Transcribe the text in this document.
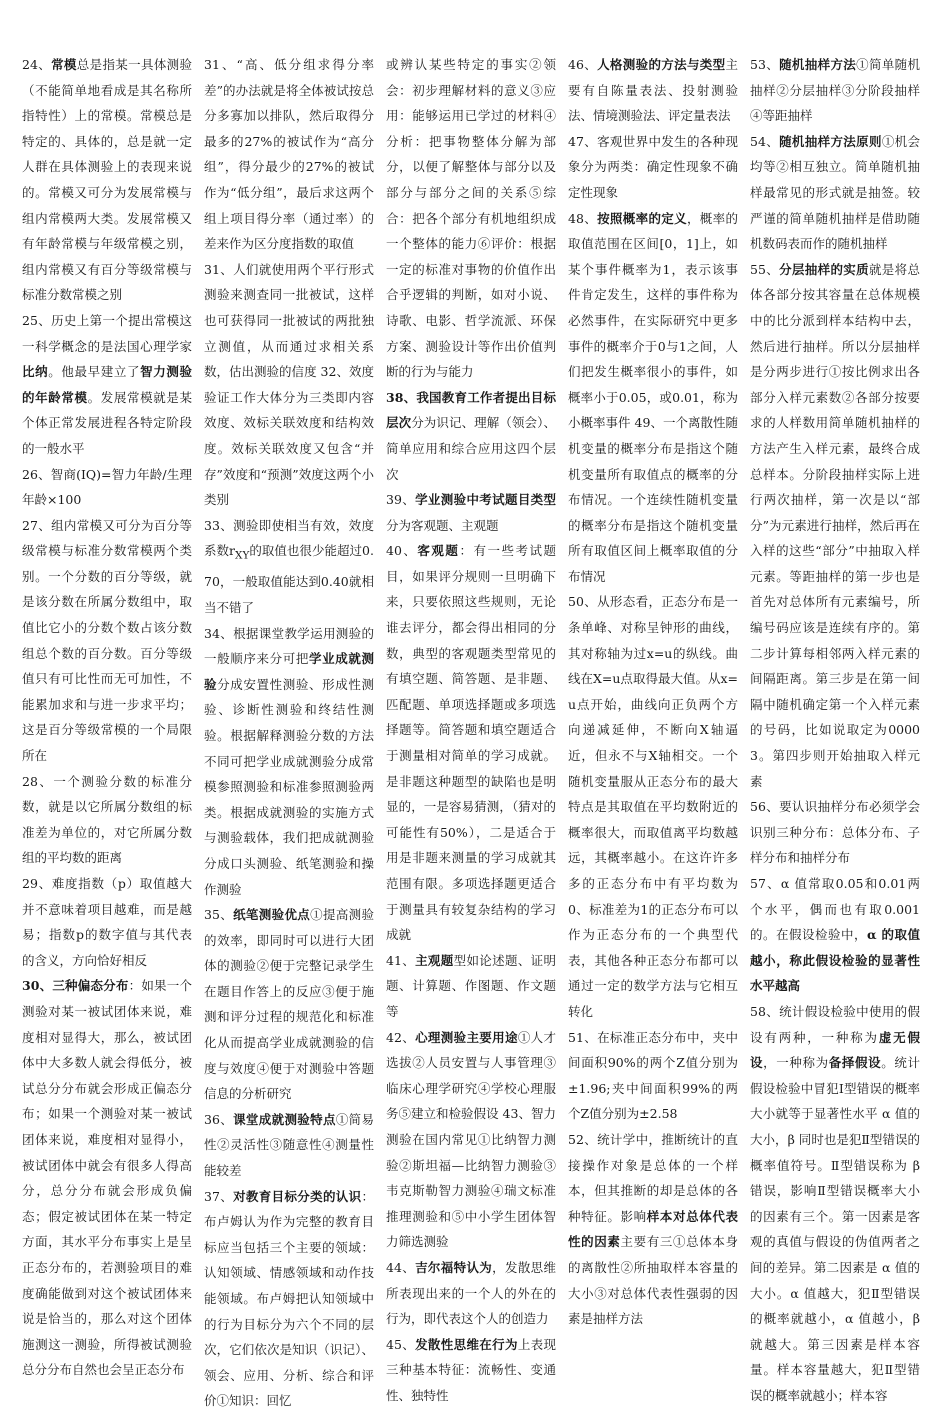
24、常模总是指某一具体测验（不能简单地看成是其名称所指特性）上的常模。常模总是特定的、具体的，总是就一定人群在具体测验上的表现来说的。常模又可分为发展常模与组内常模两大类。发展常模又有年龄常模与年级常模之别，组内常模又有百分等级常模与标准分数常模之别

25、历史上第一个提出常模这一科学概念的是法国心理学家比纳。他最早建立了智力测验的年龄常模。发展常模就是某个体正常发展进程各特定阶段的一般水平

26、智商(IQ)=智力年龄/生理年龄×100

27、组内常模又可分为百分等级常模与标准分数常模两个类别。一个分数的百分等级，就是该分数在所属分数组中，取值比它小的分数个数占该分数组总个数的百分数。百分等级值只有可比性而无可加性，不能累加求和与进一步求平均；这是百分等级常模的一个局限所在

28、一个测验分数的标准分数，就是以它所属分数组的标准差为单位的，对它所属分数组的平均数的距离

29、难度指数（p）取值越大并不意味着项目越难，而是越易；指数p的数字值与其代表的含义，方向恰好相反

30、三种偏态分布：如果一个测验对某一被试团体来说，难度相对显得大，那么，被试团体中大多数人就会得低分，被试总分分布就会形成正偏态分布；如果一个测验对某一被试团体来说，难度相对显得小，被试团体中就会有很多人得高分，总分分布就会形成负偏态；假定被试团体在某一特定方面，其水平分布事实上是呈正态分布的，若测验项目的难度确能做到对这个被试团体来说是恰当的，那么对这个团体施测这一测验，所得被试测验总分分布自然也会呈正态分布

31、“高、低分组求得分率差”的办法就是将全体被试按总分多寡加以排队，然后取得分最多的27%的被试作为“高分组”，得分最少的27%的被试作为“低分组”，最后求这两个组上项目得分率（通过率）的差来作为区分度指数的取值

31、人们就使用两个平行形式测验来测查同一批被试，这样也可获得同一批被试的两批独立测值，从而通过求相关系数，估出测验的信度 32、效度验证工作大体分为三类即内容效度、效标关联效度和结构效度。效标关联效度又包含“并存”效度和“预测”效度这两个小类别

33、测验即使相当有效，效度系数$r_{XY}$的取值也很少能超过0.70，一般取值能达到0.40就相当不错了

34、根据课堂教学运用测验的一般顺序来分可把学业成就测验分成安置性测验、形成性测验、诊断性测验和终结性测验。根据解释测验分数的方法不同可把学业成就测验分成常模参照测验和标准参照测验两类。根据成就测验的实施方式与测验载体，我们把成就测验分成口头测验、纸笔测验和操作测验

35、纸笔测验优点①提高测验的效率，即同时可以进行大团体的测验②便于完整记录学生在题目作答上的反应③便于施测和评分过程的规范化和标准化从而提高学业成就测验的信度与效度④便于对测验中答题信息的分析研究

36、课堂成就测验特点①简易性②灵活性③随意性④测量性能较差

37、对教育目标分类的认识：布卢姆认为作为完整的教育目标应当包括三个主要的领域：认知领域、情感领域和动作技能领域。布卢姆把认知领域中的行为目标分为六个不同的层次，它们依次是知识（识记）、领会、应用、分析、综合和评价①知识：回忆

或辨认某些特定的事实②领会：初步理解材料的意义③应用：能够运用已学过的材料④分析：把事物整体分解为部分，以便了解整体与部分以及部分与部分之间的关系⑤综合：把各个部分有机地组织成一个整体的能力⑥评价：根据一定的标准对事物的价值作出合乎逻辑的判断，如对小说、诗歌、电影、哲学流派、环保方案、测验设计等作出价值判断的行为与能力

38、我国教育工作者提出目标层次分为识记、理解（领会）、简单应用和综合应用这四个层次

39、学业测验中考试题目类型分为客观题、主观题

40、客观题：有一些考试题目，如果评分规则一旦明确下来，只要依照这些规则，无论谁去评分，都会得出相同的分数，典型的客观题类型常见的有填空题、简答题、是非题、匹配题、单项选择题或多项选择题等。简答题和填空题适合于测量相对简单的学习成就。是非题这种题型的缺陷也是明显的，一是容易猜测，（猜对的可能性有50%），二是适合于用是非题来测量的学习成就其范围有限。多项选择题更适合于测量具有较复杂结构的学习成就

41、主观题型如论述题、证明题、计算题、作图题、作文题等

42、心理测验主要用途①人才选拔②人员安置与人事管理③临床心理学研究④学校心理服务⑤建立和检验假设 43、智力测验在国内常见①比纳智力测验②斯坦福—比纳智力测验③韦克斯勒智力测验④瑞文标准推理测验和⑤中小学生团体智力筛选测验

44、吉尔福特认为，发散思维所表现出来的一个人的外在的行为，即代表这个人的创造力

45、发散性思维在行为上表现三种基本特征：流畅性、变通性、独特性

46、人格测验的方法与类型主要有自陈量表法、投射测验法、情境测验法、评定量表法

47、客观世界中发生的各种现象分为两类：确定性现象不确定性现象

48、按照概率的定义，概率的取值范围在区间[0，1]上，如某个事件概率为1，表示该事件肯定发生，这样的事件称为必然事件，在实际研究中更多事件的概率介于0与1之间，人们把发生概率很小的事件，如概率小于0.05，或0.01，称为小概率事件 49、一个离散性随机变量的概率分布是指这个随机变量所有取值点的概率的分布情况。一个连续性随机变量的概率分布是指这个随机变量所有取值区间上概率取值的分布情况

50、从形态看，正态分布是一条单峰、对称呈钟形的曲线，其对称轴为过x=u的纵线。曲线在X=u点取得最大值。从x=u点开始，曲线向正负两个方向递减延伸，不断向X轴逼近，但永不与X轴相交。一个随机变量服从正态分布的最大特点是其取值在平均数附近的概率很大，而取值离平均数越远，其概率越小。在这许许多多的正态分布中有平均数为0、标准差为1的正态分布可以作为正态分布的一个典型代表，其他各种正态分布都可以通过一定的数学方法与它相互转化

51、在标准正态分布中，夹中间面积90%的两个Z值分别为±1.96;夹中间面积99%的两个Z值分别为±2.58

52、统计学中，推断统计的直接操作对象是总体的一个样本，但其推断的却是总体的各种特征。影响样本对总体代表性的因素主要有三①总体本身的离散性②所抽取样本容量的大小③对总体代表性强弱的因素是抽样方法

53、随机抽样方法①简单随机抽样②分层抽样③分阶段抽样④等距抽样

54、随机抽样方法原则①机会均等②相互独立。简单随机抽样最常见的形式就是抽签。较严谨的简单随机抽样是借助随机数码表而作的随机抽样

55、分层抽样的实质就是将总体各部分按其容量在总体规模中的比分派到样本结构中去，然后进行抽样。所以分层抽样是分两步进行①按比例求出各部分入样元素数②各部分按要求的人样数用简单随机抽样的方法产生入样元素，最终合成总样本。分阶段抽样实际上进行两次抽样，第一次是以“部分”为元素进行抽样，然后再在入样的这些“部分”中抽取入样元素。等距抽样的第一步也是首先对总体所有元素编号，所编号码应该是连续有序的。第二步计算每相邻两入样元素的间隔距离。第三步是在第一间隔中随机确定第一个入样元素的号码，比如说取定为00003。第四步则开始抽取入样元素

56、要认识抽样分布必须学会识别三种分布：总体分布、子样分布和抽样分布

57、α 值常取0.05和0.01两个水平，偶而也有取0.001的。在假设检验中，α 的取值越小，称此假设检验的显著性水平越高

58、统计假设检验中使用的假设有两种，一种称为虚无假设，一种称为备择假设。统计假设检验中冒犯Ⅰ型错误的概率大小就等于显著性水平 α 值的大小，β 同时也是犯Ⅱ型错误的概率值符号。Ⅱ型错误称为 β 错误，影响Ⅱ型错误概率大小的因素有三个。第一因素是客观的真值与假设的伪值两者之间的差异。第二因素是 α 值的大小。α 值越大，犯Ⅱ型错误的概率就越小，α 值越小，β 就越大。第三因素是样本容量。样本容量越大，犯Ⅱ型错误的概率就越小；样本容
